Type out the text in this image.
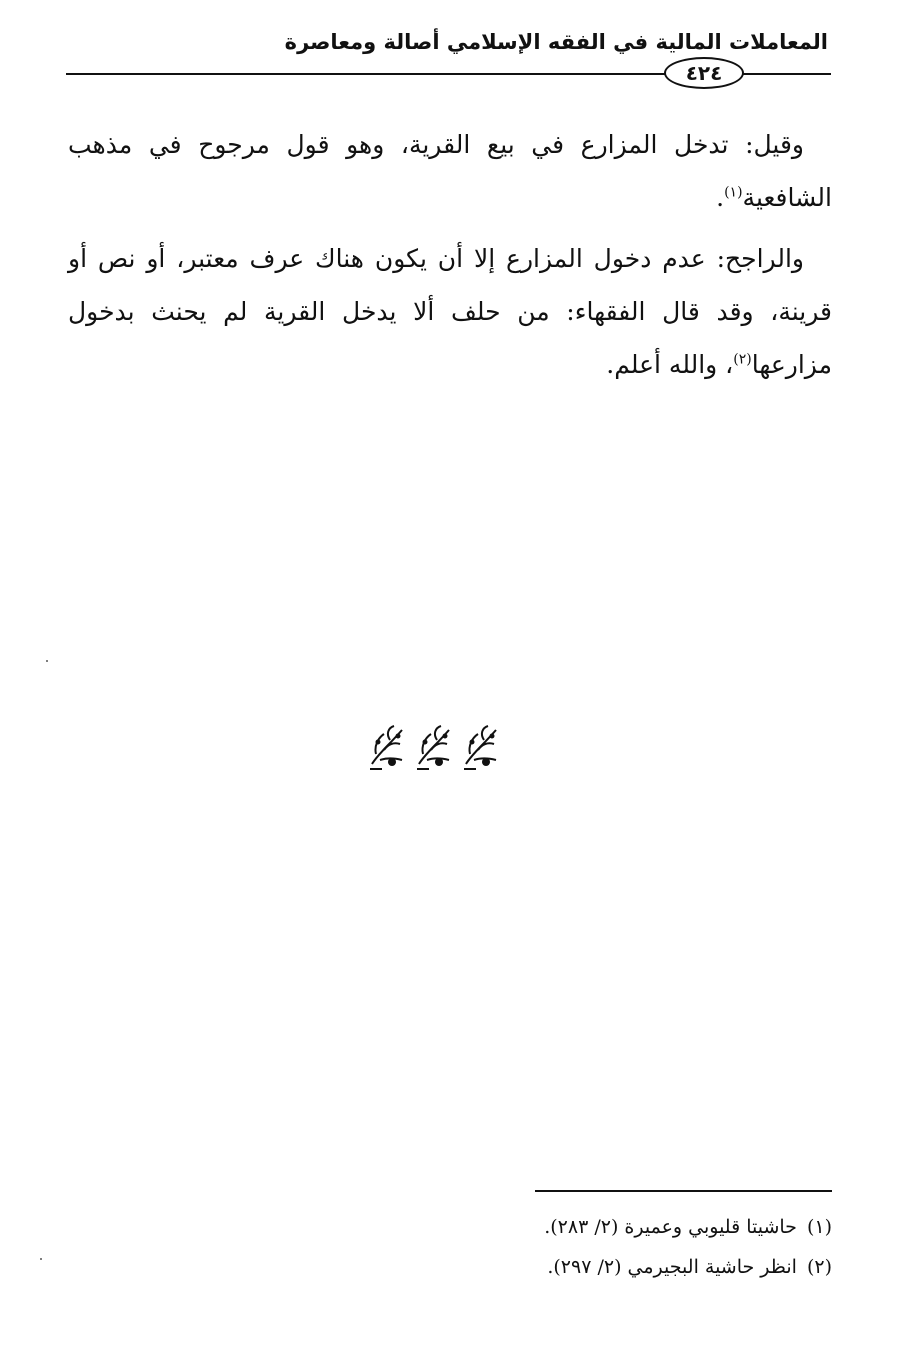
المعاملات المالية في الفقه الإسلامي أصالة ومعاصرة
٤٢٤

وقيل: تدخل المزارع في بيع القرية، وهو قول مرجوح في مذهب الشافعية$^{(١)}$.

والراجح: عدم دخول المزارع إلا أن يكون هناك عرف معتبر، أو نص أو قرينة، وقد قال الفقهاء: من حلف ألا يدخل القرية لم يحنث بدخول مزارعها$^{(٢)}$، والله أعلم.

(١)حاشيتا قليوبي وعميرة (٢/ ٢٨٣).
(٢)انظر حاشية البجيرمي (٢/ ٢٩٧).
